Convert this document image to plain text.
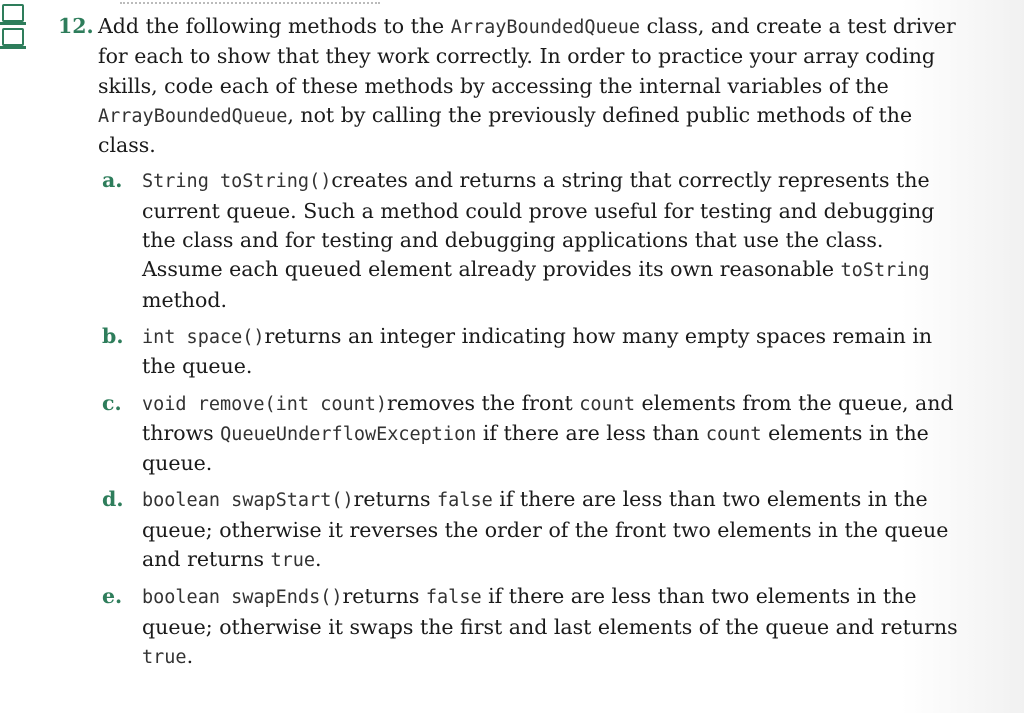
12. Add the following methods to the ArrayBoundedQueue class, and create a test driver for each to show that they work correctly. In order to practice your array coding skills, code each of these methods by accessing the internal variables of the ArrayBoundedQueue, not by calling the previously defined public methods of the class.
a. String toString()creates and returns a string that correctly represents the current queue. Such a method could prove useful for testing and debugging the class and for testing and debugging applications that use the class. Assume each queued element already provides its own reasonable toString method.
b. int space()returns an integer indicating how many empty spaces remain in the queue.
c. void remove(int count)removes the front count elements from the queue, and throws QueueUnderflowException if there are less than count elements in the queue.
d. boolean swapStart()returns false if there are less than two elements in the queue; otherwise it reverses the order of the front two elements in the queue and returns true.
e. boolean swapEnds()returns false if there are less than two elements in the queue; otherwise it swaps the first and last elements of the queue and returns true.
